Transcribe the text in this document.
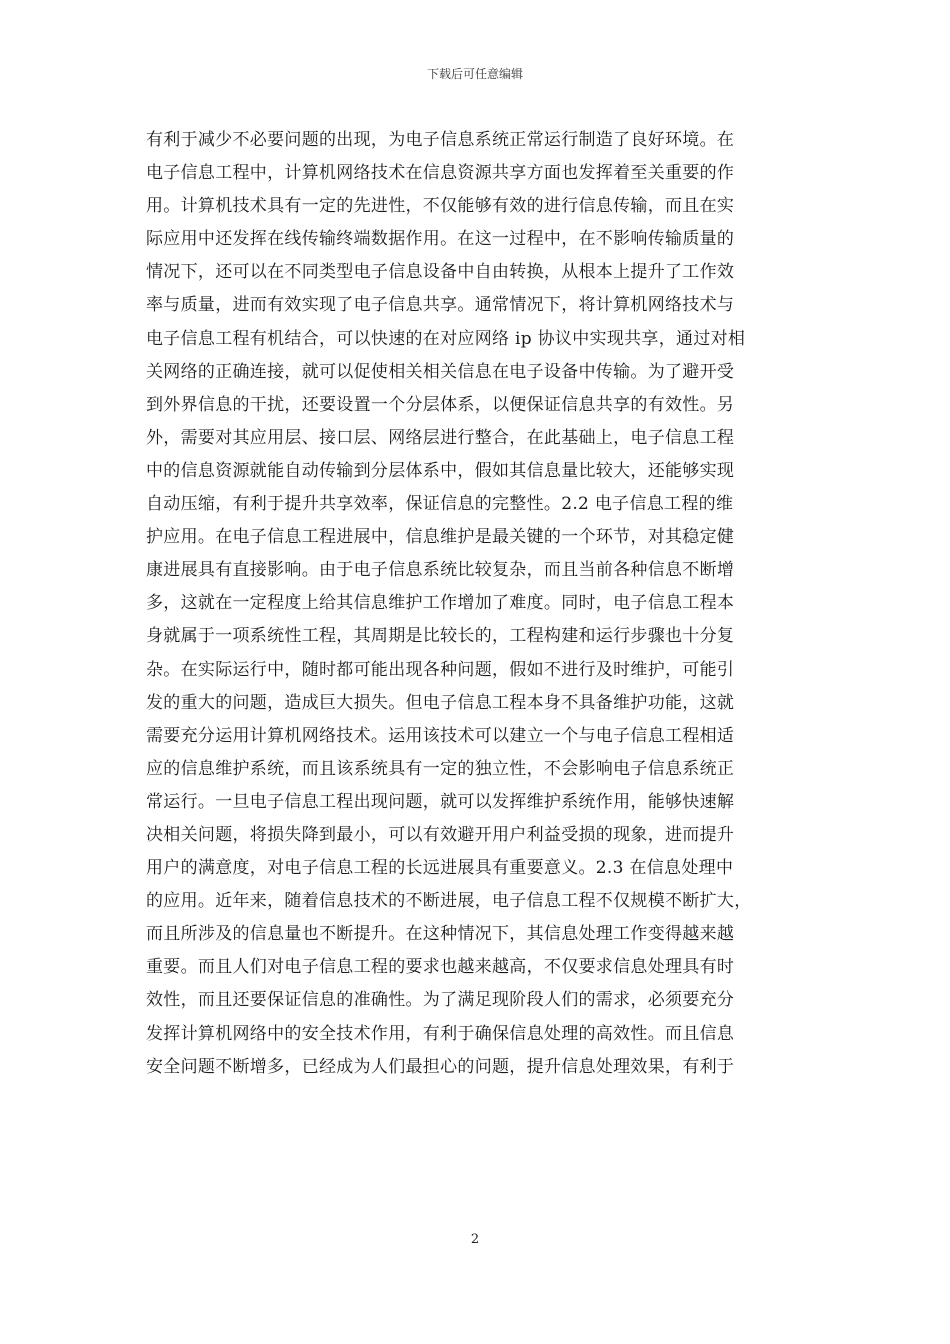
下载后可任意编辑
有利于减少不必要问题的出现，为电子信息系统正常运行制造了良好环境。在
电子信息工程中，计算机网络技术在信息资源共享方面也发挥着至关重要的作
用。计算机技术具有一定的先进性，不仅能够有效的进行信息传输，而且在实
际应用中还发挥在线传输终端数据作用。在这一过程中，在不影响传输质量的
情况下，还可以在不同类型电子信息设备中自由转换，从根本上提升了工作效
率与质量，进而有效实现了电子信息共享。通常情况下，将计算机网络技术与
电子信息工程有机结合，可以快速的在对应网络 ip 协议中实现共享，通过对相
关网络的正确连接，就可以促使相关相关信息在电子设备中传输。为了避开受
到外界信息的干扰，还要设置一个分层体系，以便保证信息共享的有效性。另
外，需要对其应用层、接口层、网络层进行整合，在此基础上，电子信息工程
中的信息资源就能自动传输到分层体系中，假如其信息量比较大，还能够实现
自动压缩，有利于提升共享效率，保证信息的完整性。2.2 电子信息工程的维
护应用。在电子信息工程进展中，信息维护是最关键的一个环节，对其稳定健
康进展具有直接影响。由于电子信息系统比较复杂，而且当前各种信息不断增
多，这就在一定程度上给其信息维护工作增加了难度。同时，电子信息工程本
身就属于一项系统性工程，其周期是比较长的，工程构建和运行步骤也十分复
杂。在实际运行中，随时都可能出现各种问题，假如不进行及时维护，可能引
发的重大的问题，造成巨大损失。但电子信息工程本身不具备维护功能，这就
需要充分运用计算机网络技术。运用该技术可以建立一个与电子信息工程相适
应的信息维护系统，而且该系统具有一定的独立性，不会影响电子信息系统正
常运行。一旦电子信息工程出现问题，就可以发挥维护系统作用，能够快速解
决相关问题，将损失降到最小，可以有效避开用户利益受损的现象，进而提升
用户的满意度，对电子信息工程的长远进展具有重要意义。2.3 在信息处理中
的应用。近年来，随着信息技术的不断进展，电子信息工程不仅规模不断扩大，
而且所涉及的信息量也不断提升。在这种情况下，其信息处理工作变得越来越
重要。而且人们对电子信息工程的要求也越来越高，不仅要求信息处理具有时
效性，而且还要保证信息的准确性。为了满足现阶段人们的需求，必须要充分
发挥计算机网络中的安全技术作用，有利于确保信息处理的高效性。而且信息
安全问题不断增多，已经成为人们最担心的问题，提升信息处理效果，有利于
2
